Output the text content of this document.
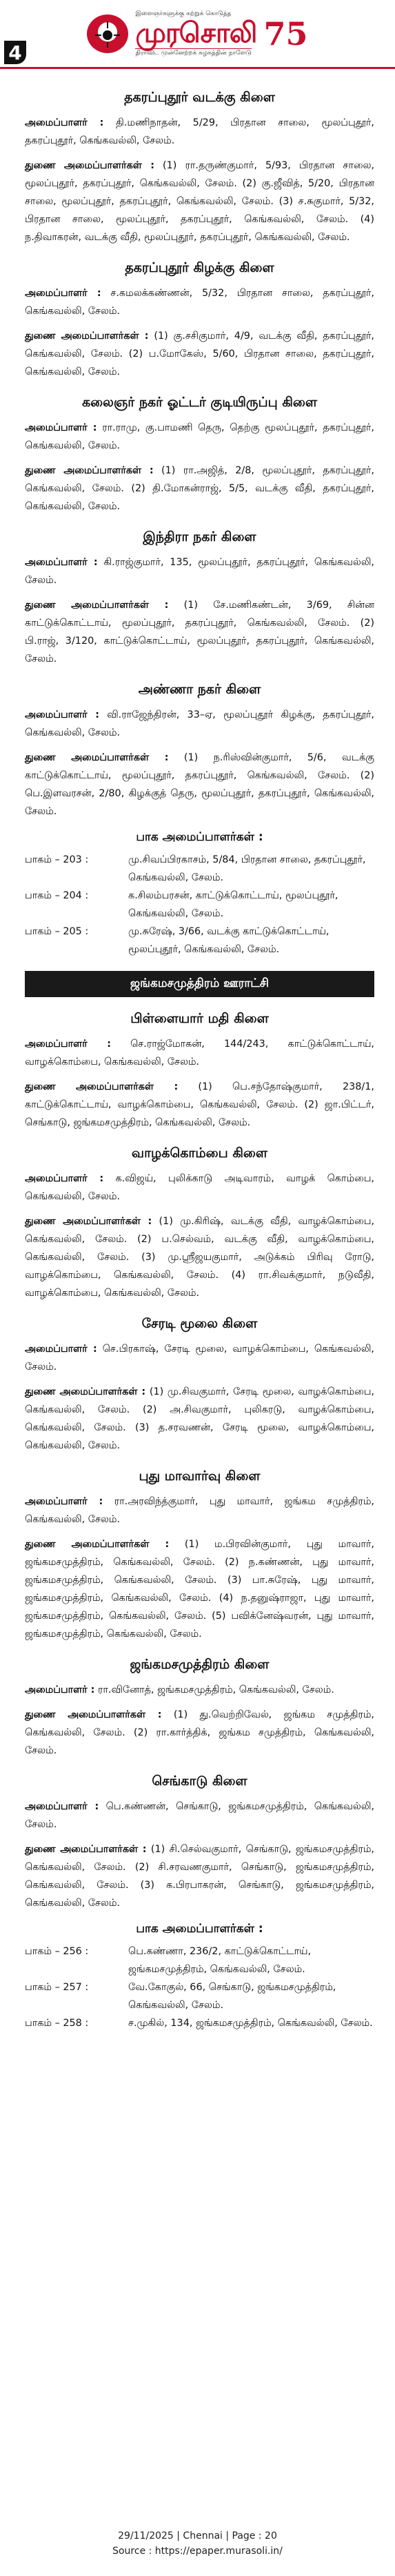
4
இளைஞர்களுக்கு கற்றுக் கொடுத்த
முரசொலி
திராவிட முன்னேற்றக் கழகத்தின் நாளேடு
75
தகரப்புதூர் வடக்கு கிளை

அமைப்பாளர் : தி.மணிநாதன், 5/29, பிரதான சாலை, மூலப்புதூர், தகரப்புதூர், கெங்கவல்லி, சேலம்.

துணை அமைப்பாளர்கள் : (1) ரா.தருண்குமார், 5/93, பிரதான சாலை, மூலப்புதூர், தகரப்புதூர், கெங்கவல்லி, சேலம். (2) கு.ஜீவித், 5/20, பிரதான சாலை, மூலப்புதூர், தகரப்புதூர், கெங்கவல்லி, சேலம். (3) ச.சுகுமார், 5/32, பிரதான சாலை, மூலப்புதூர், தகரப்புதூர், கெங்கவல்லி, சேலம். (4) ந.திவாகரன், வடக்கு வீதி, மூலப்புதூர், தகரப்புதூர், கெங்கவல்லி, சேலம்.

தகரப்புதூர் கிழக்கு கிளை

அமைப்பாளர் : ச.கமலக்கண்ணன், 5/32, பிரதான சாலை, தகரப்புதூர், கெங்கவல்லி, சேலம்.

துணை அமைப்பாளர்கள் : (1) கு.சசிகுமார், 4/9, வடக்கு வீதி, தகரப்புதூர், கெங்கவல்லி, சேலம். (2) ப.மோகேஸ், 5/60, பிரதான சாலை, தகரப்புதூர், கெங்கவல்லி, சேலம்.

கலைஞர் நகர் ஓட்டர் குடியிருப்பு கிளை

அமைப்பாளர் : ரா.ராமு, கு.பாமணி தெரு, தெற்கு மூலப்புதூர், தகரப்புதூர், கெங்கவல்லி, சேலம்.

துணை அமைப்பாளர்கள் : (1) ரா.அஜித், 2/8, மூலப்புதூர், தகரப்புதூர், கெங்கவல்லி, சேலம். (2) தி.மோகன்ராஜ், 5/5, வடக்கு வீதி, தகரப்புதூர், கெங்கவல்லி, சேலம்.

இந்திரா நகர் கிளை

அமைப்பாளர் : கி.ராஜ்குமார், 135, மூலப்புதூர், தகரப்புதூர், கெங்கவல்லி, சேலம்.

துணை அமைப்பாளர்கள் : (1) சே.மணிகண்டன், 3/69, சின்ன காட்டுக்கொட்டாய், மூலப்புதூர், தகரப்புதூர், கெங்கவல்லி, சேலம். (2) பி.ராஜ், 3/120, காட்டுக்கொட்டாய், மூலப்புதூர், தகரப்புதூர், கெங்கவல்லி, சேலம்.

அண்ணா நகர் கிளை

அமைப்பாளர் : வி.ராஜேந்திரன், 33–ஏ, மூலப்புதூர் கிழக்கு, தகரப்புதூர், கெங்கவல்லி, சேலம்.

துணை அமைப்பாளர்கள் : (1) ந.ரிஸ்வின்குமார், 5/6, வடக்கு காட்டுக்கொட்டாய், மூலப்புதூர், தகரப்புதூர், கெங்கவல்லி, சேலம். (2) பெ.இளவரசன், 2/80, கிழக்குத் தெரு, மூலப்புதூர், தகரப்புதூர், கெங்கவல்லி, சேலம்.

பாக அமைப்பாளர்கள் :
பாகம் – 203 :	மு.சிவப்பிரகாசம், 5/84, பிரதான சாலை, தகரப்புதூர், கெங்கவல்லி, சேலம்.
பாகம் – 204 :	க.சிலம்பரசன், காட்டுக்கொட்டாய், மூலப்புதூர், கெங்கவல்லி, சேலம்.
பாகம் – 205 :	மு.சுரேஷ், 3/66, வடக்கு காட்டுக்கொட்டாய், மூலப்புதூர், கெங்கவல்லி, சேலம்.
ஜங்கமசமுத்திரம் ஊராட்சி
பிள்ளையார் மதி கிளை

அமைப்பாளர் : செ.ராஜ்மோகன், 144/243, காட்டுக்கொட்டாய், வாழக்கொம்பை, கெங்கவல்லி, சேலம்.

துணை அமைப்பாளர்கள் : (1) பெ.சந்தோஷ்குமார், 238/1, காட்டுக்கொட்டாய், வாழக்கொம்பை, கெங்கவல்லி, சேலம். (2) ஜா.பிட்டர், செங்காடு, ஜங்கமசமுத்திரம், கெங்கவல்லி, சேலம்.

வாழக்கொம்பை கிளை

அமைப்பாளர் : க.விஜய், புலிக்காடு அடிவாரம், வாழக் கொம்பை, கெங்கவல்லி, சேலம்.

துணை அமைப்பாளர்கள் : (1) மு.கிரிஷ், வடக்கு வீதி, வாழக்கொம்பை, கெங்கவல்லி, சேலம். (2) ப.செல்வம், வடக்கு வீதி, வாழக்கொம்பை, கெங்கவல்லி, சேலம். (3) மு.ஸ்ரீஜயகுமார், அடுக்கம் பிரிவு ரோடு, வாழக்கொம்பை, கெங்கவல்லி, சேலம். (4) ரா.சிவக்குமார், நடுவீதி, வாழக்கொம்பை, கெங்கவல்லி, சேலம்.

சேரடி மூலை கிளை

அமைப்பாளர் : செ.பிரகாஷ், சேரடி மூலை, வாழக்கொம்பை, கெங்கவல்லி, சேலம்.

துணை அமைப்பாளர்கள் : (1) மு.சிவகுமார், சேரடி மூலை, வாழக்கொம்பை, கெங்கவல்லி, சேலம். (2) அ.சிவகுமார், புலிகரடு, வாழக்கொம்பை, கெங்கவல்லி, சேலம். (3) த.சரவணன், சேரடி மூலை, வாழக்கொம்பை, கெங்கவல்லி, சேலம்.

புது மாவார்வு கிளை

அமைப்பாளர் : ரா.அரவிந்த்குமார், புது மாவார், ஜங்கம சமுத்திரம், கெங்கவல்லி, சேலம்.

துணை அமைப்பாளர்கள் : (1) ம.பிரவின்குமார், புது மாவார், ஜங்கமசமுத்திரம், கெங்கவல்லி, சேலம். (2) ந.கண்ணன், புது மாவார், ஜங்கமசமுத்திரம், கெங்கவல்லி, சேலம். (3) பா.சுரேஷ், புது மாவார், ஜங்கமசமுத்திரம், கெங்கவல்லி, சேலம். (4) ந.தனுஷ்ராஜா, புது மாவார், ஜங்கமசமுத்திரம், கெங்கவல்லி, சேலம். (5) பவிக்னேஷ்வரன், புது மாவார், ஜங்கமசமுத்திரம், கெங்கவல்லி, சேலம்.

ஜங்கமசமுத்திரம் கிளை

அமைப்பாளர் : ரா.வினோத், ஜங்கமசமுத்திரம், கெங்கவல்லி, சேலம்.

துணை அமைப்பாளர்கள் : (1) து.வெற்றிவேல், ஜங்கம சமுத்திரம், கெங்கவல்லி, சேலம். (2) ரா.கார்த்திக், ஜங்கம சமுத்திரம், கெங்கவல்லி, சேலம்.

செங்காடு கிளை

அமைப்பாளர் : பெ.கண்ணன், செங்காடு, ஜங்கமசமுத்திரம், கெங்கவல்லி, சேலம்.

துணை அமைப்பாளர்கள் : (1) சி.செல்வகுமார், செங்காடு, ஜங்கமசமுத்திரம், கெங்கவல்லி, சேலம். (2) சி.சரவணகுமார், செங்காடு, ஜங்கமசமுத்திரம், கெங்கவல்லி, சேலம். (3) க.பிரபாகரன், செங்காடு, ஜங்கமசமுத்திரம், கெங்கவல்லி, சேலம்.

பாக அமைப்பாளர்கள் :
பாகம் – 256 :	பெ.கண்ணா, 236/2, காட்டுக்கொட்டாய், ஜங்கமசமுத்திரம், கெங்கவல்லி, சேலம்.
பாகம் – 257 :	வே.கோகுல், 66, செங்காடு, ஜங்கமசமுத்திரம், கெங்கவல்லி, சேலம்.
பாகம் – 258 :	ச.முகில், 134, ஜங்கமசமுத்திரம், கெங்கவல்லி, சேலம்.
29/11/2025 | Chennai | Page : 20
Source : https://epaper.murasoli.in/
